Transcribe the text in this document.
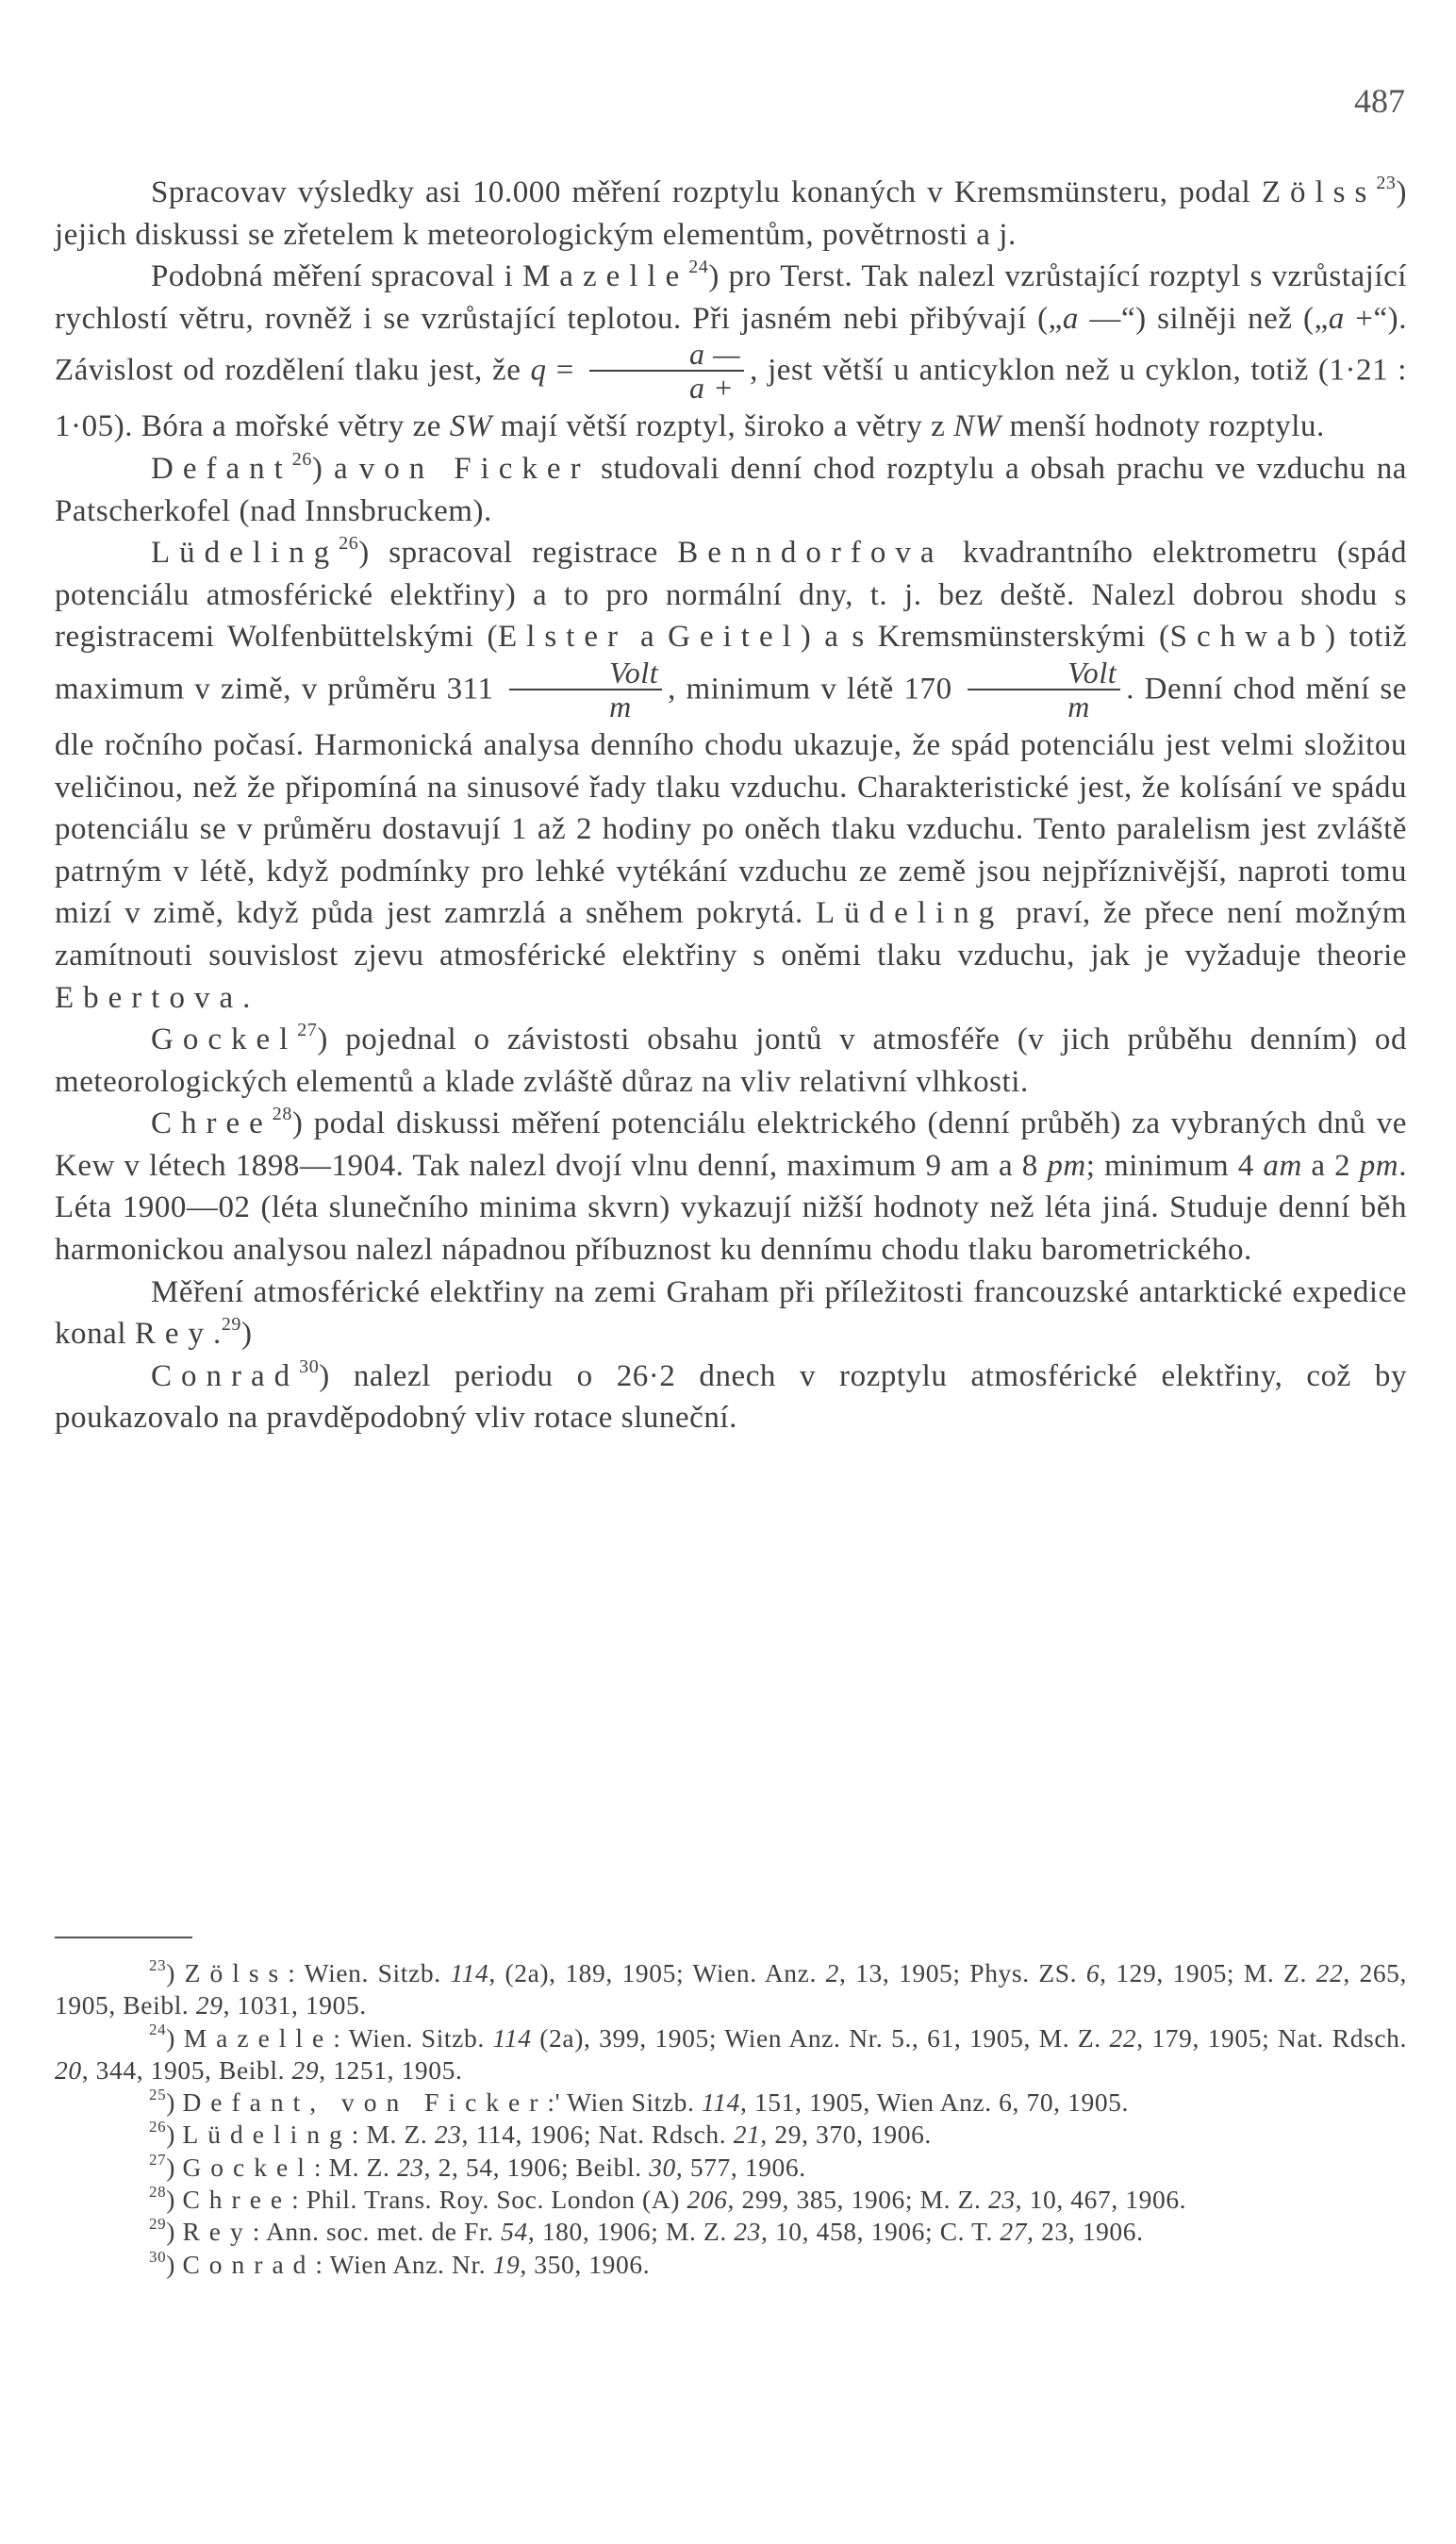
487

Spracovav výsledky asi 10.000 měření rozptylu konaných v Kremsmünsteru, podal Zölss$^{23}$) jejich diskussi se zřetelem k meteorologickým elementům, povětrnosti a j.

Podobná měření spracoval i Mazelle$^{24}$) pro Terst. Tak nalezl vzrůstající rozptyl s vzrůstající rychlostí větru, rovněž i se vzrůstající teplotou. Při jasném nebi přibývají („a —“) silněji než („a +“). Závislost od rozdělení tlaku jest, že $q = \frac{a —}{a +}$ , jest větší u anticyklon než u cyklon, totiž (1·21 : 1·05). Bóra a mořské větry ze SW mají větší rozptyl, široko a větry z NW menší hodnoty rozptylu.

Defant$^{26}$) a von Ficker studovali denní chod rozptylu a obsah prachu ve vzduchu na Patscherkofel (nad Innsbruckem).

Lüdeling$^{26}$) spracoval registrace Benndorfova kvadrantního elektrometru (spád potenciálu atmosférické elektřiny) a to pro normální dny, t. j. bez deště. Nalezl dobrou shodu s registracemi Wolfenbüttelskými (Elster a Geitel) a s Kremsmünsterskými (Schwab) totiž maximum v zimě, v průměru $311 \frac{\text{Volt}}{m}$ , minimum v létě $170 \frac{\text{Volt}}{m}$ . Denní chod mění se dle ročního počasí. Harmonická analysa denního chodu ukazuje, že spád potenciálu jest velmi složitou veličinou, než že připomíná na sinusové řady tlaku vzduchu. Charakteristické jest, že kolísání ve spádu potenciálu se v průměru dostavují 1 až 2 hodiny po oněch tlaku vzduchu. Tento paralelism jest zvláště patrným v létě, když podmínky pro lehké vytékání vzduchu ze země jsou nejpříznivější, naproti tomu mizí v zimě, když půda jest zamrzlá a sněhem pokrytá. Lüdeling praví, že přece není možným zamítnouti souvislost zjevu atmosférické elektřiny s oněmi tlaku vzduchu, jak je vyžaduje theorie Ebertova.

Gockel$^{27}$) pojednal o závistosti obsahu jontů v atmosféře (v jich průběhu denním) od meteorologických elementů a klade zvláště důraz na vliv relativní vlhkosti.

Chree$^{28}$) podal diskussi měření potenciálu elektrického (denní průběh) za vybraných dnů ve Kew v létech 1898—1904. Tak nalezl dvojí vlnu denní, maximum 9 am a 8 pm; minimum 4 am a 2 pm. Léta 1900—02 (léta slunečního minima skvrn) vykazují nižší hodnoty než léta jiná. Studuje denní běh harmonickou analysou nalezl nápadnou příbuznost ku dennímu chodu tlaku barometrického.

Měření atmosférické elektřiny na zemi Graham při příležitosti francouzské antarktické expedice konal Rey.$^{29}$)

Conrad$^{30}$) nalezl periodu o 26·2 dnech v rozptylu atmosférické elektřiny, což by poukazovalo na pravděpodobný vliv rotace sluneční.

$^{23}$) Zölss: Wien. Sitzb. 114, (2a), 189, 1905; Wien. Anz. 2, 13, 1905; Phys. ZS. 6, 129, 1905; M. Z. 22, 265, 1905, Beibl. 29, 1031, 1905.

$^{24}$) Mazelle: Wien. Sitzb. 114 (2a), 399, 1905; Wien Anz. Nr. 5., 61, 1905, M. Z. 22, 179, 1905; Nat. Rdsch. 20, 344, 1905, Beibl. 29, 1251, 1905.

$^{25}$) Defant, von Ficker:' Wien Sitzb. 114, 151, 1905, Wien Anz. 6, 70, 1905.

$^{26}$) Lüdeling: M. Z. 23, 114, 1906; Nat. Rdsch. 21, 29, 370, 1906.

$^{27}$) Gockel: M. Z. 23, 2, 54, 1906; Beibl. 30, 577, 1906.

$^{28}$) Chree: Phil. Trans. Roy. Soc. London (A) 206, 299, 385, 1906; M. Z. 23, 10, 467, 1906.

$^{29}$) Rey: Ann. soc. met. de Fr. 54, 180, 1906; M. Z. 23, 10, 458, 1906; C. T. 27, 23, 1906.

$^{30}$) Conrad: Wien Anz. Nr. 19, 350, 1906.
